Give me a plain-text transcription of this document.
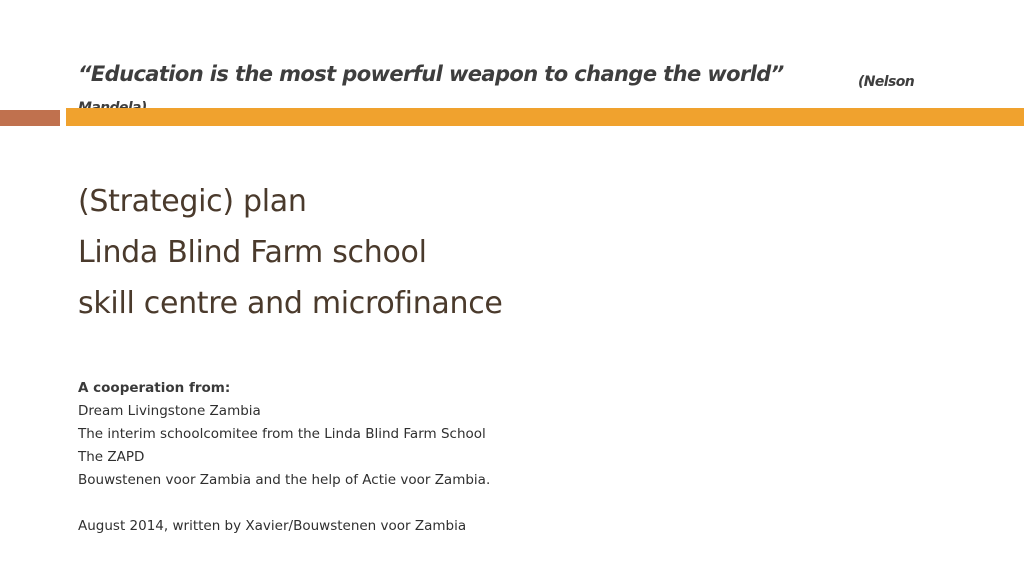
“Education is the most powerful weapon to change the world”	(Nelson
(Strategic) plan
Linda Blind Farm school
skill centre and microfinance
A cooperation from:
Dream Livingstone Zambia
The interim schoolcomitee from the Linda Blind Farm School
The ZAPD
Bouwstenen voor Zambia and the help of Actie voor Zambia.
August 2014, written by Xavier/Bouwstenen voor Zambia
